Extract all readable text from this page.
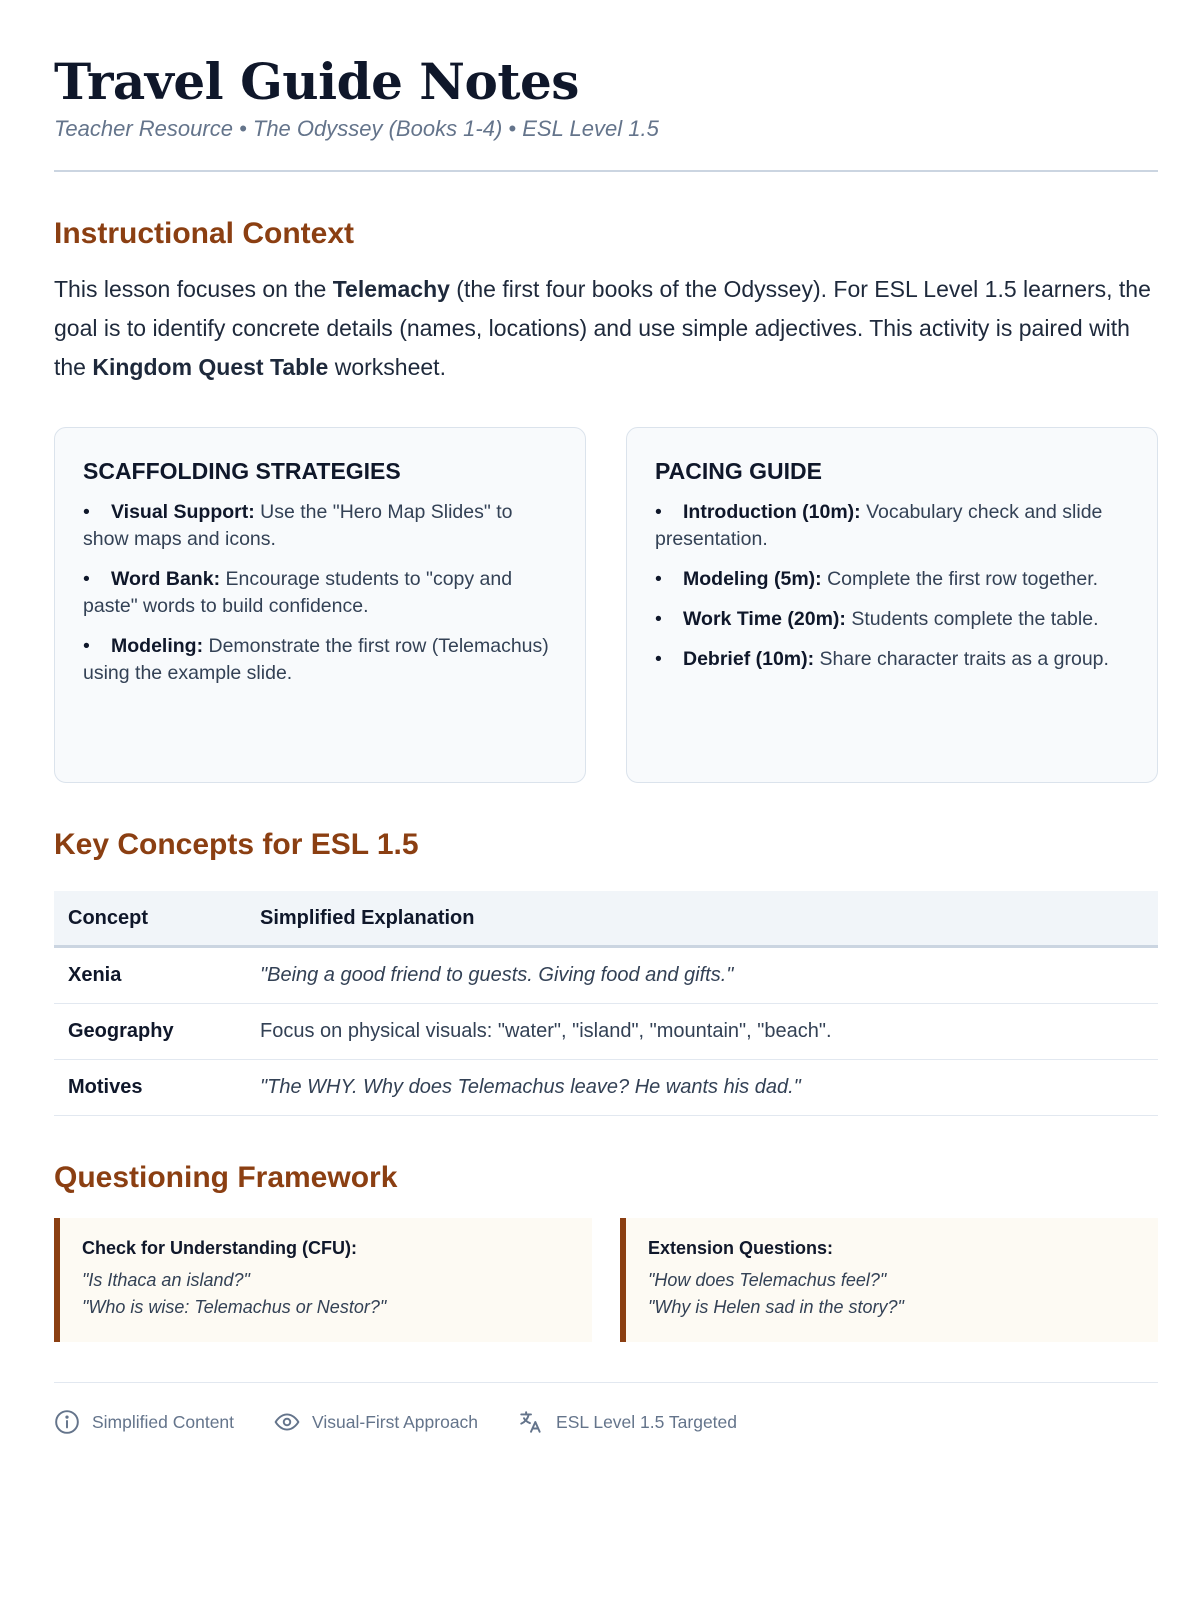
Travel Guide Notes
Teacher Resource • The Odyssey (Books 1-4) • ESL Level 1.5
Instructional Context

This lesson focuses on the Telemachy (the first four books of the Odyssey). For ESL Level 1.5 learners, the goal is to identify concrete details (names, locations) and use simple adjectives. This activity is paired with the Kingdom Quest Table worksheet.

SCAFFOLDING STRATEGIES
• Visual Support: Use the "Hero Map Slides" to show maps and icons.
• Word Bank: Encourage students to "copy and paste" words to build confidence.
• Modeling: Demonstrate the first row (Telemachus) using the example slide.
PACING GUIDE
• Introduction (10m): Vocabulary check and slide presentation.
• Modeling (5m): Complete the first row together.
• Work Time (20m): Students complete the table.
• Debrief (10m): Share character traits as a group.
Key Concepts for ESL 1.5
Concept	Simplified Explanation
Xenia	"Being a good friend to guests. Giving food and gifts."
Geography	Focus on physical visuals: "water", "island", "mountain", "beach".
Motives	"The WHY. Why does Telemachus leave? He wants his dad."
Questioning Framework
Check for Understanding (CFU):
"Is Ithaca an island?"
"Who is wise: Telemachus or Nestor?"
Extension Questions:
"How does Telemachus feel?"
"Why is Helen sad in the story?"
Simplified Content	Visual-First Approach	ESL Level 1.5 Targeted
